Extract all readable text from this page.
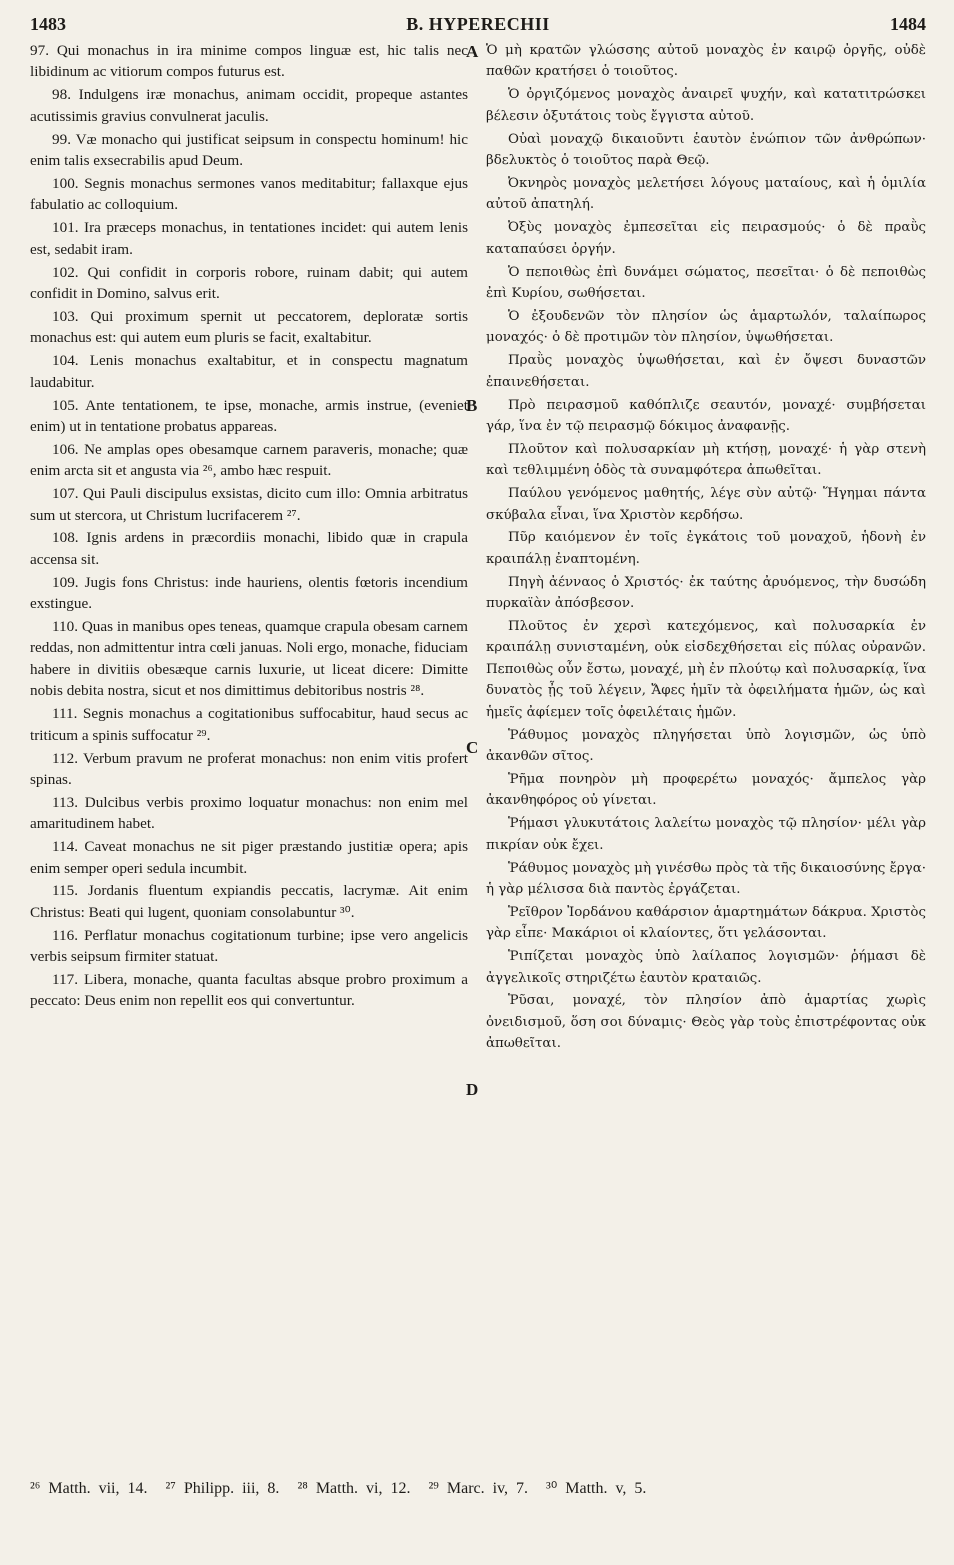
1483	B. HYPERECHII	1484

97. Qui monachus in ira minime compos linguæ est, hic talis nec libidinum ac vitiorum compos futurus est.

98. Indulgens iræ monachus, animam occidit, propeque astantes acutissimis gravius convulnerat jaculis.

99. Væ monacho qui justificat seipsum in conspectu hominum! hic enim talis exsecrabilis apud Deum.

100. Segnis monachus sermones vanos meditabitur; fallaxque ejus fabulatio ac colloquium.

101. Ira præceps monachus, in tentationes incidet: qui autem lenis est, sedabit iram.

102. Qui confidit in corporis robore, ruinam dabit; qui autem confidit in Domino, salvus erit.

103. Qui proximum spernit ut peccatorem, deploratæ sortis monachus est: qui autem eum pluris se facit, exaltabitur.

104. Lenis monachus exaltabitur, et in conspectu magnatum laudabitur.

105. Ante tentationem, te ipse, monache, armis instrue, (eveniet enim) ut in tentatione probatus appareas.

106. Ne amplas opes obesamque carnem paraveris, monache; quæ enim arcta sit et angusta via ²⁶, ambo hæc respuit.

107. Qui Pauli discipulus exsistas, dicito cum illo: Omnia arbitratus sum ut stercora, ut Christum lucrifacerem ²⁷.

108. Ignis ardens in præcordiis monachi, libido quæ in crapula accensa sit.

109. Jugis fons Christus: inde hauriens, olentis fœtoris incendium exstingue.

110. Quas in manibus opes teneas, quamque crapula obesam carnem reddas, non admittentur intra cœli januas. Noli ergo, monache, fiduciam habere in divitiis obesæque carnis luxurie, ut liceat dicere: Dimitte nobis debita nostra, sicut et nos dimittimus debitoribus nostris ²⁸.

111. Segnis monachus a cogitationibus suffocabitur, haud secus ac triticum a spinis suffocatur ²⁹.

112. Verbum pravum ne proferat monachus: non enim vitis profert spinas.

113. Dulcibus verbis proximo loquatur monachus: non enim mel amaritudinem habet.

114. Caveat monachus ne sit piger præstando justitiæ opera; apis enim semper operi sedula incumbit.

115. Jordanis fluentum expiandis peccatis, lacrymæ. Ait enim Christus: Beati qui lugent, quoniam consolabuntur ³⁰.

116. Perflatur monachus cogitationum turbine; ipse vero angelicis verbis seipsum firmiter statuat.

117. Libera, monache, quanta facultas absque probro proximum a peccato: Deus enim non repellit eos qui convertuntur.

Ὁ μὴ κρατῶν γλώσσης αὐτοῦ μοναχὸς ἐν καιρῷ ὀργῆς, οὐδὲ παθῶν κρατήσει ὁ τοιοῦτος.

Ὁ ὀργιζόμενος μοναχὸς ἀναιρεῖ ψυχήν, καὶ κατατιτρώσκει βέλεσιν ὀξυτάτοις τοὺς ἔγγιστα αὐτοῦ.

Οὐαὶ μοναχῷ δικαιοῦντι ἑαυτὸν ἐνώπιον τῶν ἀνθρώπων· βδελυκτὸς ὁ τοιοῦτος παρὰ Θεῷ.

Ὀκνηρὸς μοναχὸς μελετήσει λόγους ματαίους, καὶ ἡ ὁμιλία αὐτοῦ ἀπατηλή.

Ὀξὺς μοναχὸς ἐμπεσεῖται εἰς πειρασμούς· ὁ δὲ πραῢς καταπαύσει ὀργήν.

Ὁ πεποιθὼς ἐπὶ δυνάμει σώματος, πεσεῖται· ὁ δὲ πεποιθὼς ἐπὶ Κυρίου, σωθήσεται.

Ὁ ἐξουδενῶν τὸν πλησίον ὡς ἁμαρτωλόν, ταλαίπωρος μοναχός· ὁ δὲ προτιμῶν τὸν πλησίον, ὑψωθήσεται.

Πραῢς μοναχὸς ὑψωθήσεται, καὶ ἐν ὄψεσι δυναστῶν ἐπαινεθήσεται.

Πρὸ πειρασμοῦ καθόπλιζε σεαυτόν, μοναχέ· συμβήσεται γάρ, ἵνα ἐν τῷ πειρασμῷ δόκιμος ἀναφανῇς.

Πλοῦτον καὶ πολυσαρκίαν μὴ κτήσῃ, μοναχέ· ἡ γὰρ στενὴ καὶ τεθλιμμένη ὁδὸς τὰ συναμφότερα ἀπωθεῖται.

Παύλου γενόμενος μαθητής, λέγε σὺν αὐτῷ· Ἥγημαι πάντα σκύβαλα εἶναι, ἵνα Χριστὸν κερδήσω.

Πῦρ καιόμενον ἐν τοῖς ἐγκάτοις τοῦ μοναχοῦ, ἡδονὴ ἐν κραιπάλῃ ἐναπτομένη.

Πηγὴ ἀένναος ὁ Χριστός· ἐκ ταύτης ἀρυόμενος, τὴν δυσώδη πυρκαϊὰν ἀπόσβεσον.

Πλοῦτος ἐν χερσὶ κατεχόμενος, καὶ πολυσαρκία ἐν κραιπάλῃ συνισταμένη, οὐκ εἰσδεχθήσεται εἰς πύλας οὐρανῶν. Πεποιθὼς οὖν ἔστω, μοναχέ, μὴ ἐν πλούτῳ καὶ πολυσαρκίᾳ, ἵνα δυνατὸς ᾖς τοῦ λέγειν, Ἄφες ἡμῖν τὰ ὀφειλήματα ἡμῶν, ὡς καὶ ἡμεῖς ἀφίεμεν τοῖς ὀφειλέταις ἡμῶν.

Ῥάθυμος μοναχὸς πληγήσεται ὑπὸ λογισμῶν, ὡς ὑπὸ ἀκανθῶν σῖτος.

Ῥῆμα πονηρὸν μὴ προφερέτω μοναχός· ἄμπελος γὰρ ἀκανθηφόρος οὐ γίνεται.

Ῥήμασι γλυκυτάτοις λαλείτω μοναχὸς τῷ πλησίον· μέλι γὰρ πικρίαν οὐκ ἔχει.

Ῥάθυμος μοναχὸς μὴ γινέσθω πρὸς τὰ τῆς δικαιοσύνης ἔργα· ἡ γὰρ μέλισσα διὰ παντὸς ἐργάζεται.

Ῥεῖθρον Ἰορδάνου καθάρσιον ἁμαρτημάτων δάκρυα. Χριστὸς γὰρ εἶπε· Μακάριοι οἱ κλαίοντες, ὅτι γελάσονται.

Ῥιπίζεται μοναχὸς ὑπὸ λαίλαπος λογισμῶν· ῥήμασι δὲ ἀγγελικοῖς στηριζέτω ἑαυτὸν κραταιῶς.

Ῥῦσαι, μοναχέ, τὸν πλησίον ἀπὸ ἁμαρτίας χωρὶς ὀνειδισμοῦ, ὅση σοι δύναμις· Θεὸς γὰρ τοὺς ἐπιστρέφοντας οὐκ ἀπωθεῖται.

A
B
C
D
²⁶ Matth. vii, 14. ²⁷ Philipp. iii, 8. ²⁸ Matth. vi, 12. ²⁹ Marc. iv, 7. ³⁰ Matth. v, 5.
